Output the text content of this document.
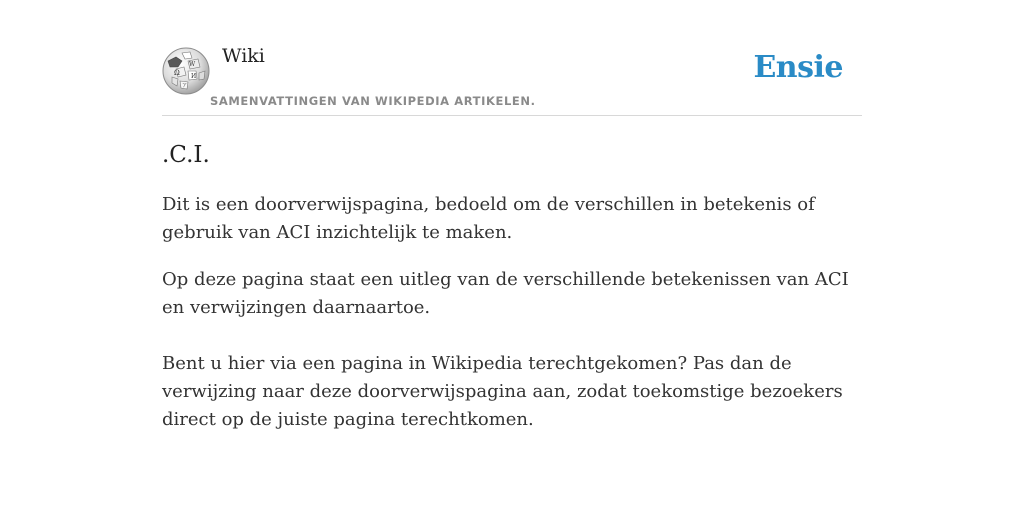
Ω
W
И
ア
Wiki
SAMENVATTINGEN VAN WIKIPEDIA ARTIKELEN.
Ensie
.C.I.

Dit is een doorverwijspagina, bedoeld om de verschillen in betekenis of gebruik van ACI inzichtelijk te maken.

Op deze pagina staat een uitleg van de verschillende betekenissen van ACI en verwijzingen daarnaartoe.

Bent u hier via een pagina in Wikipedia terechtgekomen? Pas dan de verwijzing naar deze doorverwijspagina aan, zodat toekomstige bezoekers direct op de juiste pagina terechtkomen.
